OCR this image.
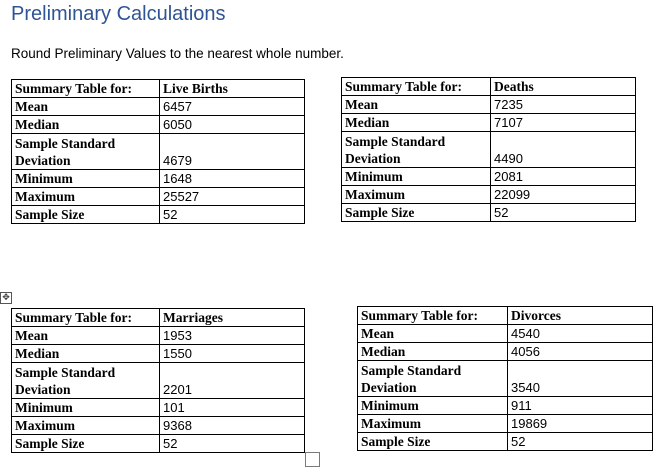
Preliminary Calculations
Round Preliminary Values to the nearest whole number.
Summary Table for:	Live Births
Mean	6457
Median	6050
Sample Standard Deviation	4679
Minimum	1648
Maximum	25527
Sample Size	52
Summary Table for:	Deaths
Mean	7235
Median	7107
Sample Standard Deviation	4490
Minimum	2081
Maximum	22099
Sample Size	52
✥
Summary Table for:	Marriages
Mean	1953
Median	1550
Sample Standard Deviation	2201
Minimum	101
Maximum	9368
Sample Size	52
Summary Table for:	Divorces
Mean	4540
Median	4056
Sample Standard Deviation	3540
Minimum	911
Maximum	19869
Sample Size	52
